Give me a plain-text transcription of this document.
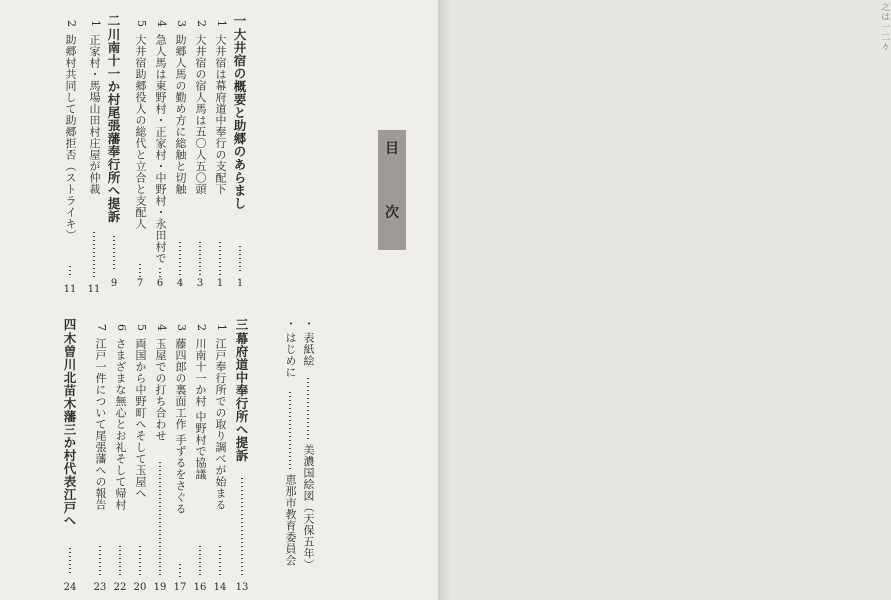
目
次
一
大井宿の概要と助郷のあらまし
1
1
大井宿は幕府道中奉行の支配下
1
2
大井宿の宿人馬は五〇人五〇頭
3
3
助郷人馬の勤め方に総触と切触
4
4
急人馬は東野村・正家村・中野村・永田村で
6
5
大井宿助郷役人の総代と立合と支配人
7
二
川南十一か村尾張藩奉行所へ提訴
9
1
正家村・馬場山田村庄屋が仲裁
11
2
助郷村共同して助郷拒否（ストライキ）
11
・
表紙絵
美濃国絵図（天保五年）
・
はじめに
恵那市教育委員会
三
幕府道中奉行所へ提訴
13
1
江戸奉行所での取り調べが始まる
14
2
川南十一か村 中野村で協議
16
3
藤四郎の裏面工作 手ずるをさぐる
17
4
玉屋での打ち合わせ
19
5
両国から中野町へそして玉屋へ
20
6
さまざまな無心とお礼そして帰村
22
7
江戸一件について尾張藩への報告
23
四
木曽川北苗木藩三か村代表江戸へ
24
之は一二々
